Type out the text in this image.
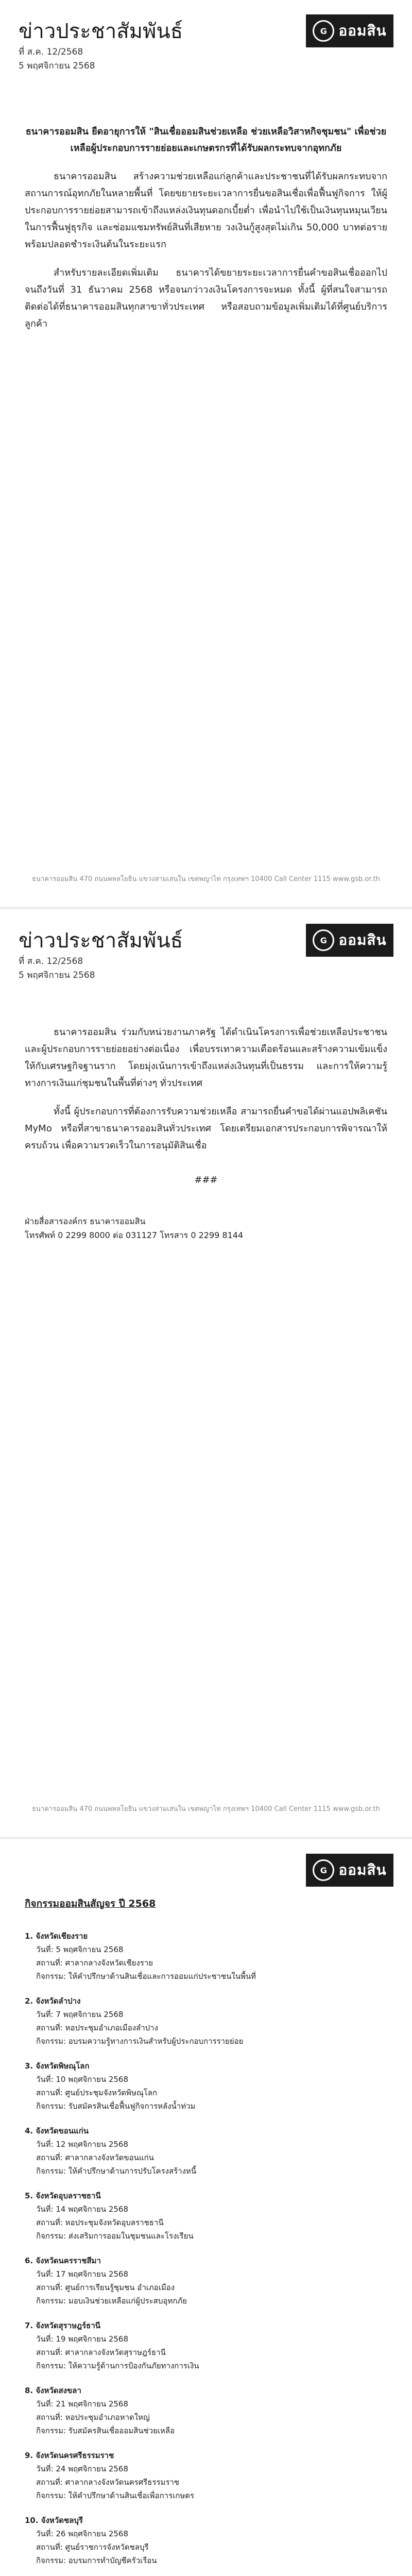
ข่าวประชาสัมพันธ์
ที่ ส.ค. 12/2568
5 พฤศจิกายน 2568
G ออมสิน

ธนาคารออมสิน ยืดอายุการให้ "สินเชื่อออมสินช่วยเหลือ ช่วยเหลือวิสาหกิจชุมชน" เพื่อช่วยเหลือผู้ประกอบการรายย่อยและเกษตรกรที่ได้รับผลกระทบจากอุทกภัย

ธนาคารออมสิน สร้างความช่วยเหลือแก่ลูกค้าและประชาชนที่ได้รับผลกระทบจากสถานการณ์อุทกภัยในหลายพื้นที่ โดยขยายระยะเวลาการยื่นขอสินเชื่อเพื่อฟื้นฟูกิจการ ให้ผู้ประกอบการรายย่อยสามารถเข้าถึงแหล่งเงินทุนดอกเบี้ยต่ำ เพื่อนำไปใช้เป็นเงินทุนหมุนเวียนในการฟื้นฟูธุรกิจ และซ่อมแซมทรัพย์สินที่เสียหาย วงเงินกู้สูงสุดไม่เกิน 50,000 บาทต่อราย พร้อมปลอดชำระเงินต้นในระยะแรก

สำหรับรายละเอียดเพิ่มเติม ธนาคารได้ขยายระยะเวลาการยื่นคำขอสินเชื่อออกไปจนถึงวันที่ 31 ธันวาคม 2568 หรือจนกว่าวงเงินโครงการจะหมด ทั้งนี้ ผู้ที่สนใจสามารถติดต่อได้ที่ธนาคารออมสินทุกสาขาทั่วประเทศ หรือสอบถามข้อมูลเพิ่มเติมได้ที่ศูนย์บริการลูกค้า

ธนาคารออมสิน 470 ถนนพหลโยธิน แขวงสามเสนใน เขตพญาไท กรุงเทพฯ 10400 Call Center 1115 www.gsb.or.th
ข่าวประชาสัมพันธ์
ที่ ส.ค. 12/2568
5 พฤศจิกายน 2568
G ออมสิน

ธนาคารออมสิน ร่วมกับหน่วยงานภาครัฐ ได้ดำเนินโครงการเพื่อช่วยเหลือประชาชนและผู้ประกอบการรายย่อยอย่างต่อเนื่อง เพื่อบรรเทาความเดือดร้อนและสร้างความเข้มแข็งให้กับเศรษฐกิจฐานราก โดยมุ่งเน้นการเข้าถึงแหล่งเงินทุนที่เป็นธรรม และการให้ความรู้ทางการเงินแก่ชุมชนในพื้นที่ต่างๆ ทั่วประเทศ

ทั้งนี้ ผู้ประกอบการที่ต้องการรับความช่วยเหลือ สามารถยื่นคำขอได้ผ่านแอปพลิเคชัน MyMo หรือที่สาขาธนาคารออมสินทั่วประเทศ โดยเตรียมเอกสารประกอบการพิจารณาให้ครบถ้วน เพื่อความรวดเร็วในการอนุมัติสินเชื่อ

###
ฝ่ายสื่อสารองค์กร ธนาคารออมสิน
โทรศัพท์ 0 2299 8000 ต่อ 031127 โทรสาร 0 2299 8144
ธนาคารออมสิน 470 ถนนพหลโยธิน แขวงสามเสนใน เขตพญาไท กรุงเทพฯ 10400 Call Center 1115 www.gsb.or.th
G ออมสิน
กิจกรรมออมสินสัญจร ปี 2568
1. จังหวัดเชียงราย
วันที่: 5 พฤศจิกายน 2568
สถานที่: ศาลากลางจังหวัดเชียงราย
กิจกรรม: ให้คำปรึกษาด้านสินเชื่อและการออมแก่ประชาชนในพื้นที่
2. จังหวัดลำปาง
วันที่: 7 พฤศจิกายน 2568
สถานที่: หอประชุมอำเภอเมืองลำปาง
กิจกรรม: อบรมความรู้ทางการเงินสำหรับผู้ประกอบการรายย่อย
3. จังหวัดพิษณุโลก
วันที่: 10 พฤศจิกายน 2568
สถานที่: ศูนย์ประชุมจังหวัดพิษณุโลก
กิจกรรม: รับสมัครสินเชื่อฟื้นฟูกิจการหลังน้ำท่วม
4. จังหวัดขอนแก่น
วันที่: 12 พฤศจิกายน 2568
สถานที่: ศาลากลางจังหวัดขอนแก่น
กิจกรรม: ให้คำปรึกษาด้านการปรับโครงสร้างหนี้
5. จังหวัดอุบลราชธานี
วันที่: 14 พฤศจิกายน 2568
สถานที่: หอประชุมจังหวัดอุบลราชธานี
กิจกรรม: ส่งเสริมการออมในชุมชนและโรงเรียน
6. จังหวัดนครราชสีมา
วันที่: 17 พฤศจิกายน 2568
สถานที่: ศูนย์การเรียนรู้ชุมชน อำเภอเมือง
กิจกรรม: มอบเงินช่วยเหลือแก่ผู้ประสบอุทกภัย
7. จังหวัดสุราษฎร์ธานี
วันที่: 19 พฤศจิกายน 2568
สถานที่: ศาลากลางจังหวัดสุราษฎร์ธานี
กิจกรรม: ให้ความรู้ด้านการป้องกันภัยทางการเงิน
8. จังหวัดสงขลา
วันที่: 21 พฤศจิกายน 2568
สถานที่: หอประชุมอำเภอหาดใหญ่
กิจกรรม: รับสมัครสินเชื่อออมสินช่วยเหลือ
9. จังหวัดนครศรีธรรมราช
วันที่: 24 พฤศจิกายน 2568
สถานที่: ศาลากลางจังหวัดนครศรีธรรมราช
กิจกรรม: ให้คำปรึกษาด้านสินเชื่อเพื่อการเกษตร
10. จังหวัดชลบุรี
วันที่: 26 พฤศจิกายน 2568
สถานที่: ศูนย์ราชการจังหวัดชลบุรี
กิจกรรม: อบรมการทำบัญชีครัวเรือน
